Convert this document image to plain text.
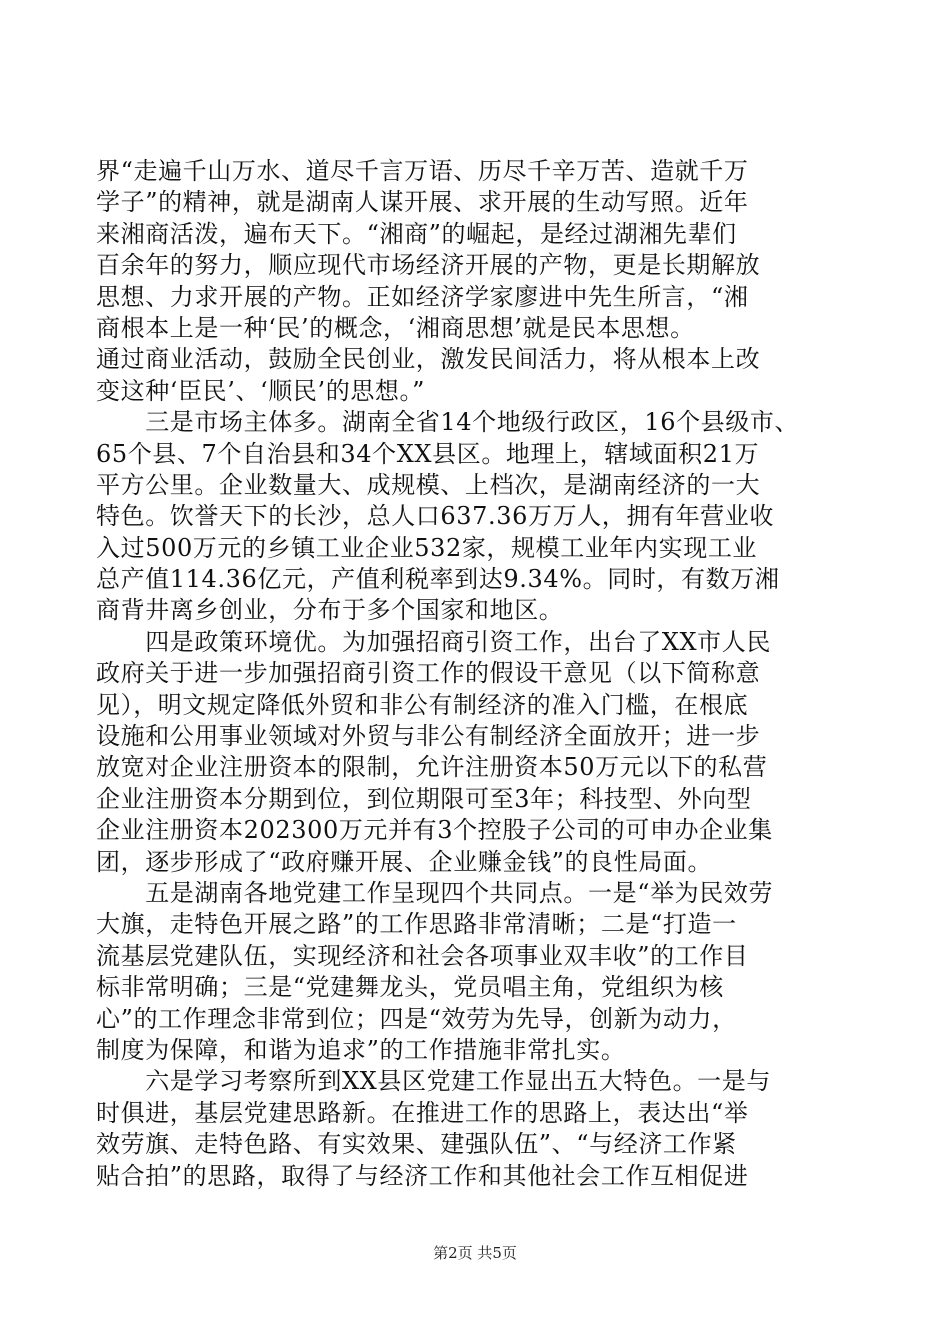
界“走遍千山万水、道尽千言万语、历尽千辛万苦、造就千万
学子”的精神，就是湖南人谋开展、求开展的生动写照。近年
来湘商活泼，遍布天下。“湘商”的崛起，是经过湖湘先辈们
百余年的努力，顺应现代市场经济开展的产物，更是长期解放
思想、力求开展的产物。正如经济学家廖进中先生所言，“湘
商根本上是一种‘民’的概念，‘湘商思想’就是民本思想。
通过商业活动，鼓励全民创业，激发民间活力，将从根本上改
变这种‘臣民’、‘顺民’的思想。”
　　三是市场主体多。湖南全省14个地级行政区，16个县级市、
65个县、7个自治县和34个XX县区。地理上，辖域面积21万
平方公里。企业数量大、成规模、上档次，是湖南经济的一大
特色。饮誉天下的长沙，总人口637.36万万人，拥有年营业收
入过500万元的乡镇工业企业532家，规模工业年内实现工业
总产值114.36亿元，产值利税率到达9.34%。同时，有数万湘
商背井离乡创业，分布于多个国家和地区。
　　四是政策环境优。为加强招商引资工作，出台了XX市人民
政府关于进一步加强招商引资工作的假设干意见（以下简称意
见），明文规定降低外贸和非公有制经济的准入门槛，在根底
设施和公用事业领域对外贸与非公有制经济全面放开；进一步
放宽对企业注册资本的限制，允许注册资本50万元以下的私营
企业注册资本分期到位，到位期限可至3年；科技型、外向型
企业注册资本202300万元并有3个控股子公司的可申办企业集
团，逐步形成了“政府赚开展、企业赚金钱”的良性局面。
　　五是湖南各地党建工作呈现四个共同点。一是“举为民效劳
大旗，走特色开展之路”的工作思路非常清晰；二是“打造一
流基层党建队伍，实现经济和社会各项事业双丰收”的工作目
标非常明确；三是“党建舞龙头，党员唱主角，党组织为核
心”的工作理念非常到位；四是“效劳为先导，创新为动力，
制度为保障，和谐为追求”的工作措施非常扎实。
　　六是学习考察所到XX县区党建工作显出五大特色。一是与
时俱进，基层党建思路新。在推进工作的思路上，表达出“举
效劳旗、走特色路、有实效果、建强队伍”、“与经济工作紧
贴合拍”的思路，取得了与经济工作和其他社会工作互相促进
第2页 共5页
